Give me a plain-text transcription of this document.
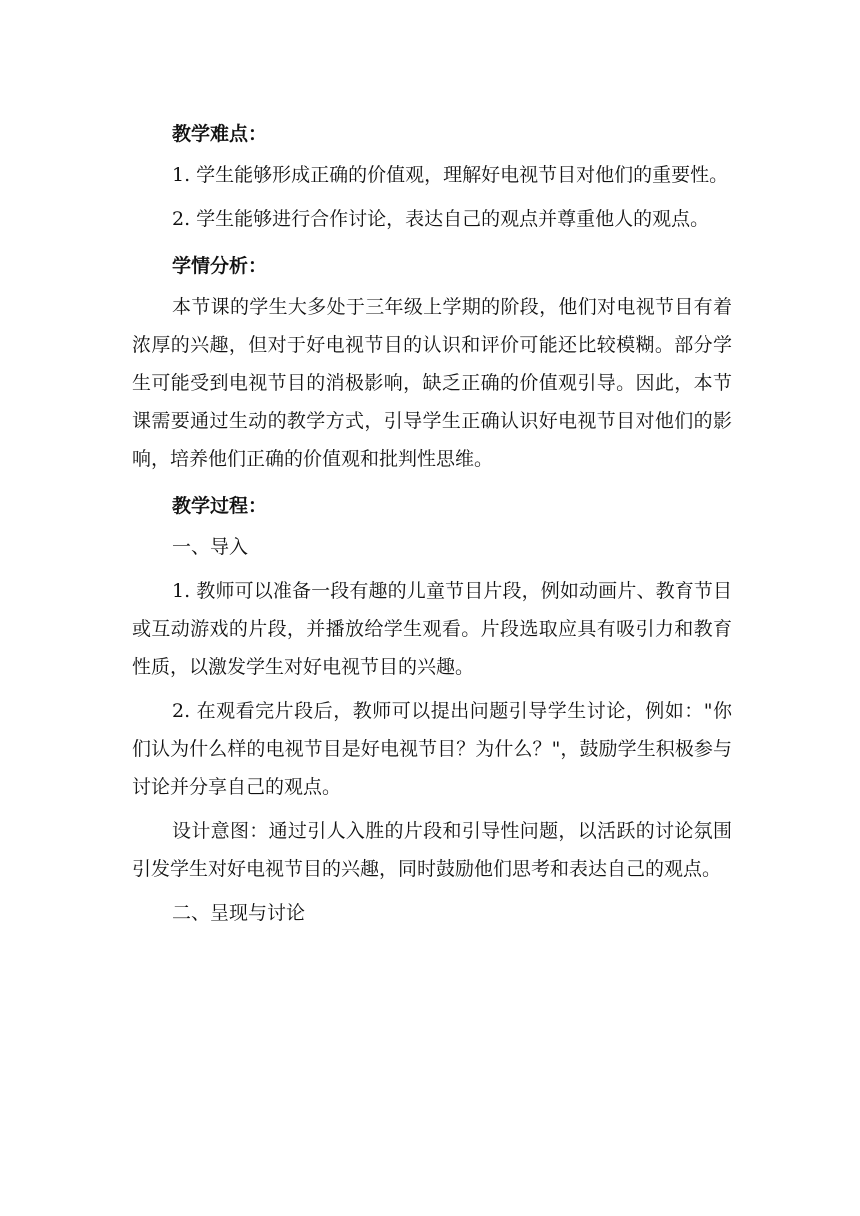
教学难点：

1. 学生能够形成正确的价值观，理解好电视节目对他们的重要性。

2. 学生能够进行合作讨论，表达自己的观点并尊重他人的观点。

学情分析：

本节课的学生大多处于三年级上学期的阶段，他们对电视节目有着浓厚的兴趣，但对于好电视节目的认识和评价可能还比较模糊。部分学生可能受到电视节目的消极影响，缺乏正确的价值观引导。因此，本节课需要通过生动的教学方式，引导学生正确认识好电视节目对他们的影响，培养他们正确的价值观和批判性思维。

教学过程：

一、导入

1. 教师可以准备一段有趣的儿童节目片段，例如动画片、教育节目或互动游戏的片段，并播放给学生观看。片段选取应具有吸引力和教育性质，以激发学生对好电视节目的兴趣。

2. 在观看完片段后，教师可以提出问题引导学生讨论，例如："你们认为什么样的电视节目是好电视节目？为什么？"，鼓励学生积极参与讨论并分享自己的观点。

设计意图：通过引人入胜的片段和引导性问题，以活跃的讨论氛围引发学生对好电视节目的兴趣，同时鼓励他们思考和表达自己的观点。

二、呈现与讨论
